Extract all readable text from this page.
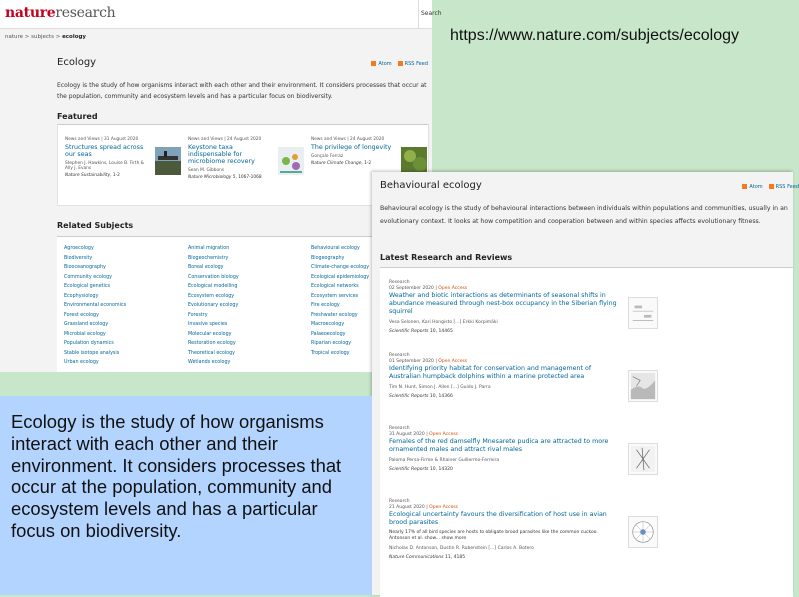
natureresearch	Search
nature > subjects > ecology
Ecology	Atom	RSS Feed
Ecology is the study of how organisms interact with each other and their environment. It considers processes that occur at the population, community and ecosystem levels and has a particular focus on biodiversity.
Featured
News and Views | 31 August 2020
Structures spread across our seas
Stephen J. Hawkins, Louise B. Firth & Ally J. Evans
Nature Sustainability, 1-2
News and Views | 24 August 2020
Keystone taxa indispensable for microbiome recovery
Sean M. Gibbons
Nature Microbiology 5, 1067-1068
News and Views | 24 August 2020
The privilege of longevity
Gonçalo Ferraz
Nature Climate Change, 1-2
Related Subjects
Agroecology
Biodiversity
Biooceanography
Community ecology
Ecological genetics
Ecophysiology
Environmental economics
Forest ecology
Grassland ecology
Microbial ecology
Population dynamics
Stable isotope analysis
Urban ecology
Animal migration
Biogeochemistry
Boreal ecology
Conservation biology
Ecological modelling
Ecosystem ecology
Evolutionary ecology
Forestry
Invasive species
Molecular ecology
Restoration ecology
Theoretical ecology
Wetlands ecology
Behavioural ecology
Biogeography
Climate-change ecology
Ecological epidemiology
Ecological networks
Ecosystem services
Fire ecology
Freshwater ecology
Macroecology
Palaeoecology
Riparian ecology
Tropical ecology
https://www.nature.com/subjects/ecology
Behavioural ecology	Atom	RSS Feed
Behavioural ecology is the study of behavioural interactions between individuals within populations and communities, usually in an evolutionary context. It looks at how competition and cooperation between and within species affects evolutionary fitness.
Latest Research and Reviews
Research
02 September 2020 | Open Access
Weather and biotic interactions as determinants of seasonal shifts in abundance measured through nest-box occupancy in the Siberian flying squirrel
Vesa Selonen, Kari Hongisto [...] Erkki Korpimäki
Scientific Reports 10, 14465
Research
01 September 2020 | Open Access
Identifying priority habitat for conservation and management of Australian humpback dolphins within a marine protected area
Tim N. Hunt, Simon J. Allen [...] Guido J. Parra
Scientific Reports 10, 14366
Research
31 August 2020 | Open Access
Females of the red damselfly Mnesarete pudica are attracted to more ornamented males and attract rival males
Paloma Persa-Firme & Rhainer Guillermo-Ferreira
Scientific Reports 10, 14320
Research
21 August 2020 | Open Access
Ecological uncertainty favours the diversification of host use in avian brood parasites
Nearly 17% of all bird species are hosts to obligate brood parasites like the common cuckoo. Antonson et al. show... show more
Nicholas D. Antonson, Dustin R. Rubenstein [...] Carlos A. Botero
Nature Communications 11, 4185

Ecology is the study of how organisms interact with each other and their environment. It considers processes that occur at the population, community and ecosystem levels and has a particular focus on biodiversity.
